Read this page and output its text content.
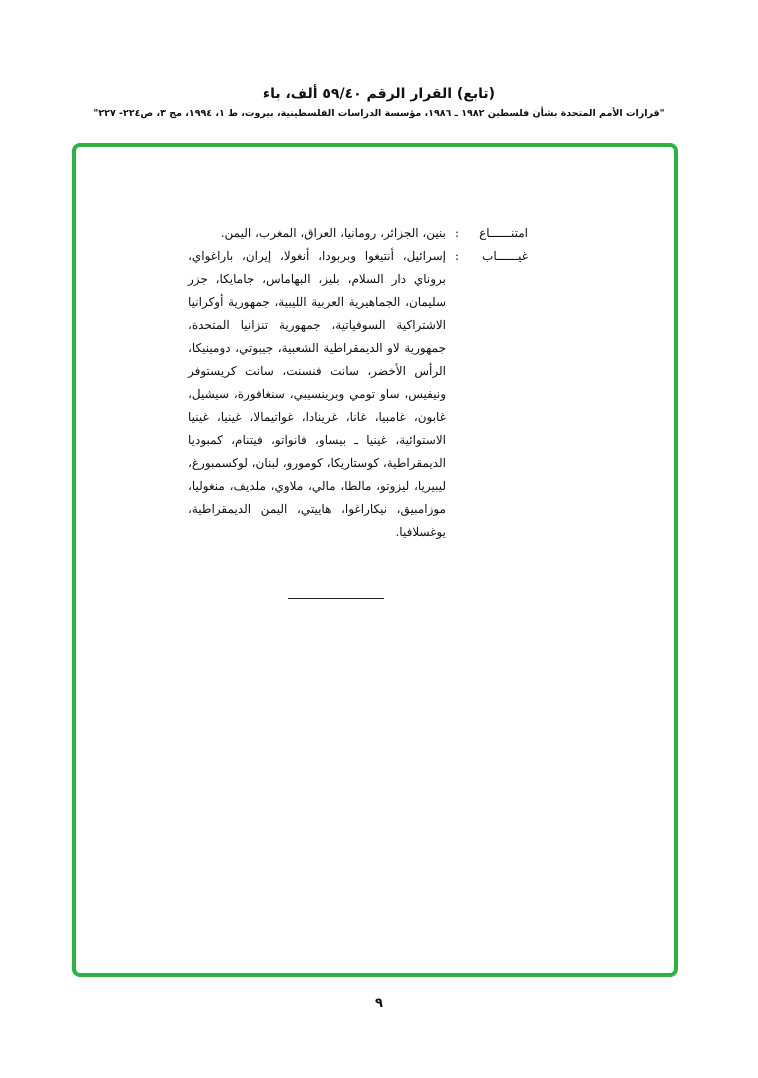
(تابع) القرار الرقم ٥٩/٤٠ ألف، باء
"قرارات الأمم المتحدة بشأن فلسطين ١٩٨٢ ـ ١٩٨٦، مؤسسة الدراسات الفلسطينية، بيروت، ط ١، ١٩٩٤، مج ٣، ص٢٢٤- ٢٢٧"
امتنــــــاع
:
بنين، الجزائر، رومانيا، العراق، المغرب، اليمن.
غيــــــاب
:
إسرائيل، أنتيغوا وبربودا، أنغولا، إيران، باراغواي، بروناي دار السلام، بليز، البهاماس، جامايكا، جزر سليمان، الجماهيرية العربية الليبية، جمهورية أوكرانيا الاشتراكية السوفياتية، جمهورية تنزانيا المتحدة، جمهورية لاو الديمقراطية الشعبية، جيبوتي، دومينيكا، الرأس الأخضر، سانت فنسنت، سانت كريستوفر ونيفيس، ساو تومي وبرينسيبي، سنغافورة، سيشيل، غابون، غامبيا، غانا، غرينادا، غواتيمالا، غينيا، غينيا الاستوائية، غينيا ـ بيساو، فانواتو، فيتنام، كمبوديا الديمقراطية، كوستاريكا، كومورو، لبنان، لوكسمبورغ، ليبيريا، ليزوتو، مالطا، مالي، ملاوي، ملديف، منغوليا، موزامبيق، نيكاراغوا، هاييتي، اليمن الديمقراطية، يوغسلافيا.
٩
